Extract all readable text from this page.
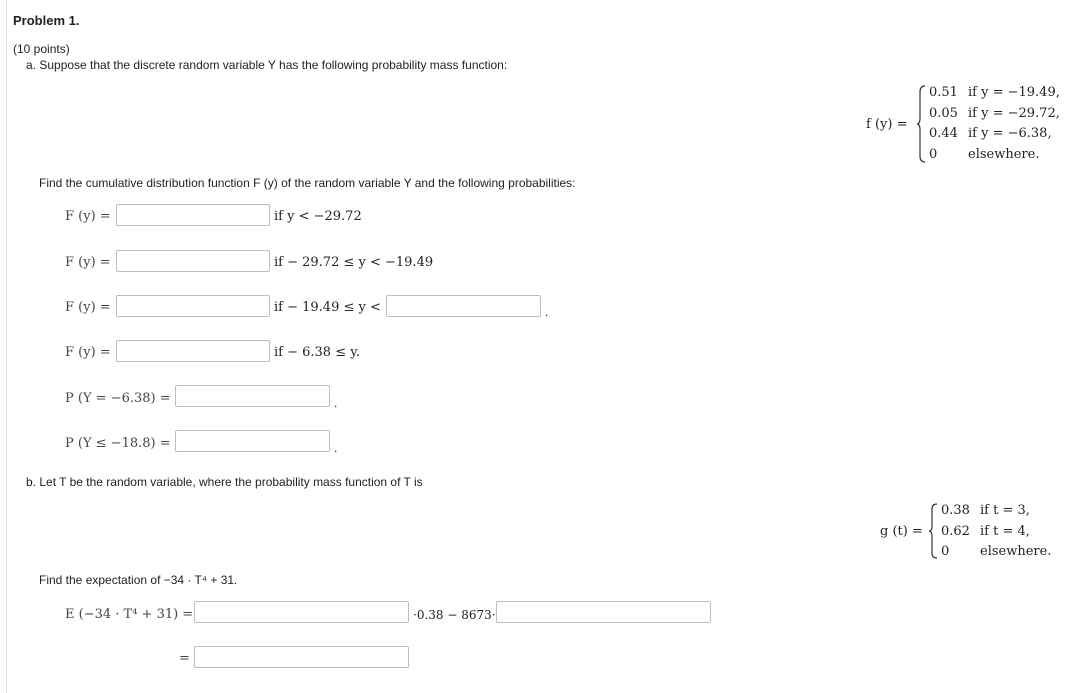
Problem 1.
(10 points)
a. Suppose that the discrete random variable Y has the following probability mass function:
f (y) =
0.51 if y = −19.49,
0.05 if y = −29.72,
0.44 if y = −6.38,
0 elsewhere.
Find the cumulative distribution function F (y) of the random variable Y and the following probabilities:
F (y) =	if y < −29.72
F (y) =	if − 29.72 ≤ y < −19.49
F (y) =	if − 19.49 ≤ y <	.
F (y) =	if − 6.38 ≤ y.
P (Y = −6.38) =	.
P (Y ≤ −18.8) =	.
b. Let T be the random variable, where the probability mass function of T is
g (t) =
0.38 if t = 3,
0.62 if t = 4,
0 elsewhere.
Find the expectation of −34 · T⁴ + 31.
E (−34 · T⁴ + 31) =	·0.38 − 8673·
=
